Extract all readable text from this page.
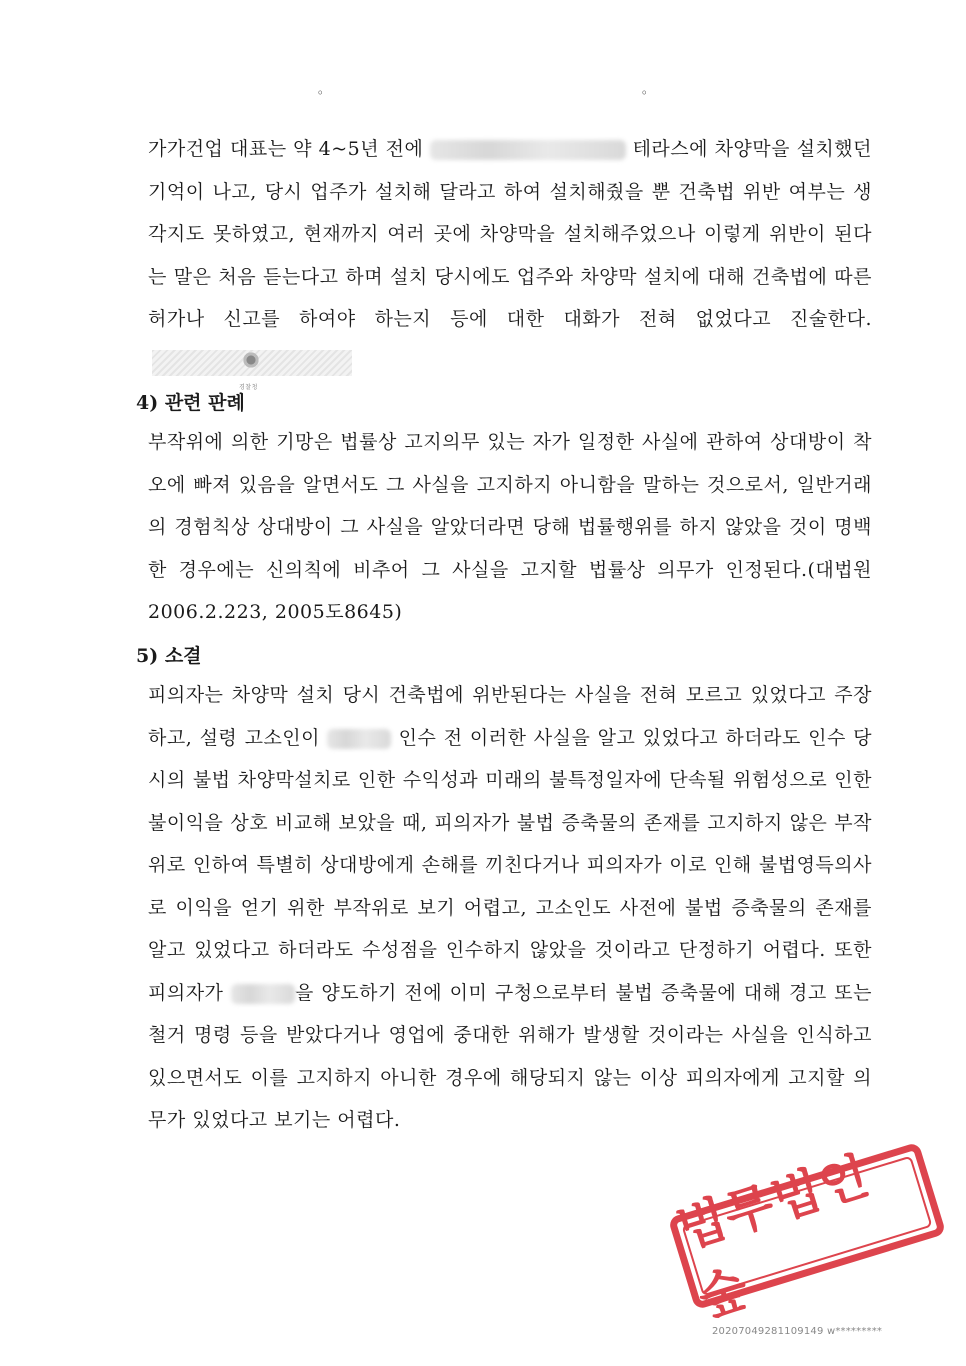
。	。

가가건업 대표는 약 4~5년 전에	테라스에 차양막을 설치했던 기억이 나고, 당시 업주가 설치해 달라고 하여 설치해줬을 뿐 건축법 위반 여부는 생각지도 못하였고, 현재까지 여러 곳에 차양막을 설치해주었으나 이렇게 위반이 된다는 말은 처음 듣는다고 하며 설치 당시에도 업주와 차양막 설치에 대해 건축법에 따른 허가나 신고를 하여야 하는지 등에 대한 대화가 전혀 없었다고 진술한다.
경찰청

4) 관련 판례

부작위에 의한 기망은 법률상 고지의무 있는 자가 일정한 사실에 관하여 상대방이 착오에 빠져 있음을 알면서도 그 사실을 고지하지 아니함을 말하는 것으로서, 일반거래의 경험칙상 상대방이 그 사실을 알았더라면 당해 법률행위를 하지 않았을 것이 명백한 경우에는 신의칙에 비추어 그 사실을 고지할 법률상 의무가 인정된다.(대법원 2006.2.223, 2005도8645)

5) 소결

피의자는 차양막 설치 당시 건축법에 위반된다는 사실을 전혀 모르고 있었다고 주장하고, 설령 고소인이	인수 전 이러한 사실을 알고 있었다고 하더라도 인수 당시의 불법 차양막설치로 인한 수익성과 미래의 불특정일자에 단속될 위험성으로 인한 불이익을 상호 비교해 보았을 때, 피의자가 불법 증축물의 존재를 고지하지 않은 부작위로 인하여 특별히 상대방에게 손해를 끼친다거나 피의자가 이로 인해 불법영득의사로 이익을 얻기 위한 부작위로 보기 어렵고, 고소인도 사전에 불법 증축물의 존재를 알고 있었다고 하더라도 수성점을 인수하지 않았을 것이라고 단정하기 어렵다. 또한 피의자가	을 양도하기 전에 이미 구청으로부터 불법 증축물에 대해 경고 또는 철거 명령 등을 받았다거나 영업에 중대한 위해가 발생할 것이라는 사실을 인식하고 있으면서도 이를 고지하지 아니한 경우에 해당되지 않는 이상 피의자에게 고지할 의무가 있었다고 보기는 어렵다.

법무법인 숲
20207049281109149 w*********
